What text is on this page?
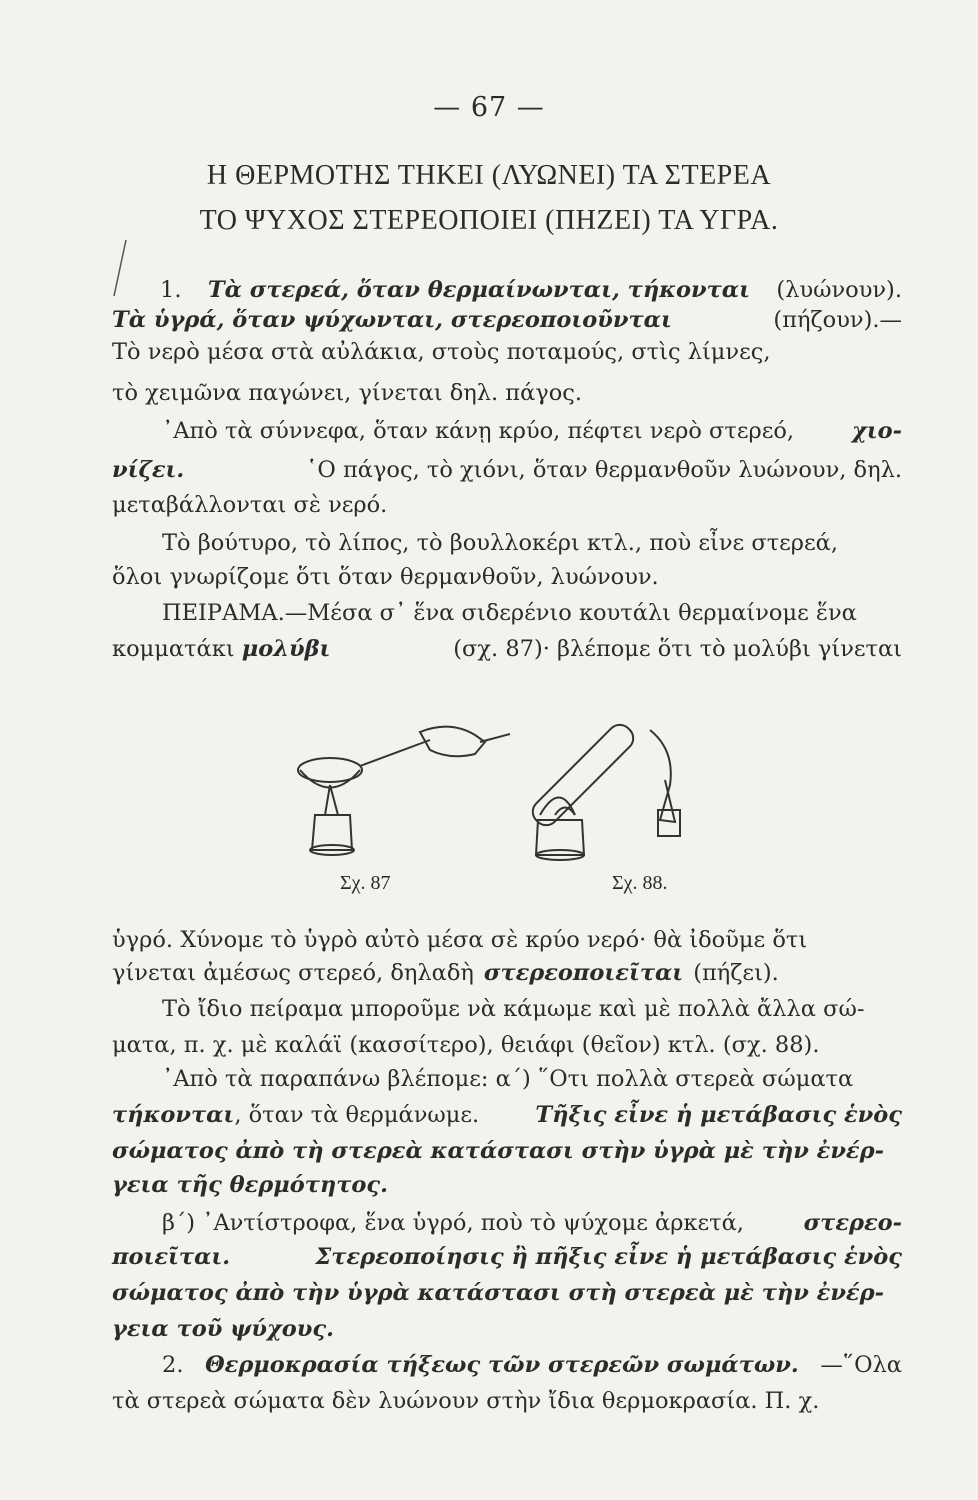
— 67 —
Η ΘΕΡΜΟΤΗΣ ΤΗΚΕΙ (ΛΥΩΝΕΙ) ΤΑ ΣΤΕΡΕΑ
ΤΟ ΨΥΧΟΣ ΣΤΕΡΕΟΠΟΙΕΙ (ΠΗΖΕΙ) ΤΑ ΥΓΡΑ.
1. Τὰ στερεά, ὅταν θερμαίνωνται, τήκονται (λυώνουν).
Τὰ ὑγρά, ὅταν ψύχωνται, στερεοποιοῦνται	(πήζουν).—
Τὸ νερὸ μέσα στὰ αὐλάκια, στοὺς ποταμούς, στὶς λίμνες,
τὸ χειμῶνα παγώνει, γίνεται δηλ. πάγος.
᾿Απὸ τὰ σύννεφα, ὅταν κάνῃ κρύο, πέφτει νερὸ στερεό,	χιο-
νίζει.	῾Ο πάγος, τὸ χιόνι, ὅταν θερμανθοῦν λυώνουν, δηλ.
μεταβάλλονται σὲ νερό.
Τὸ βούτυρο, τὸ λίπος, τὸ βουλλοκέρι κτλ., ποὺ εἶνε στερεά,
ὅλοι γνωρίζομε ὅτι ὅταν θερμανθοῦν, λυώνουν.
ΠΕΙΡΑΜΑ.—Μέσα σ᾿ ἕνα σιδερένιο κουτάλι θερμαίνομε ἕνα
κομματάκι μολύβι	(σχ. 87)· βλέπομε ὅτι τὸ μολύβι γίνεται
Σχ. 87	Σχ. 88.
ὑγρό. Χύνομε τὸ ὑγρὸ αὐτὸ μέσα σὲ κρύο νερό· θὰ ἰδοῦμε ὅτι
γίνεται ἀμέσως στερεό, δηλαδὴ στερεοποιεῖται (πήζει).
Τὸ ἴδιο πείραμα μποροῦμε νὰ κάμωμε καὶ μὲ πολλὰ ἄλλα σώ-
ματα, π. χ. μὲ καλάϊ (κασσίτερο), θειάφι (θεῖον) κτλ. (σχ. 88).
᾿Απὸ τὰ παραπάνω βλέπομε: α΄) ῞Οτι πολλὰ στερεὰ σώματα
τήκονται, ὅταν τὰ θερμάνωμε.	Τῆξις εἶνε ἡ μετάβασις ἑνὸς
σώματος ἀπὸ τὴ στερεὰ κατάστασι στὴν ὑγρὰ μὲ τὴν ἐνέρ-
γεια τῆς θερμότητος.
β΄) ᾿Αντίστροφα, ἕνα ὑγρό, ποὺ τὸ ψύχομε ἀρκετά,	στερεο-
ποιεῖται.	Στερεοποίησις ἢ πῆξις εἶνε ἡ μετάβασις ἑνὸς
σώματος ἀπὸ τὴν ὑγρὰ κατάστασι στὴ στερεὰ μὲ τὴν ἐνέρ-
γεια τοῦ ψύχους.
2. Θερμοκρασία τήξεως τῶν στερεῶν σωμάτων. —῞Ολα
τὰ στερεὰ σώματα δὲν λυώνουν στὴν ἴδια θερμοκρασία. Π. χ.
